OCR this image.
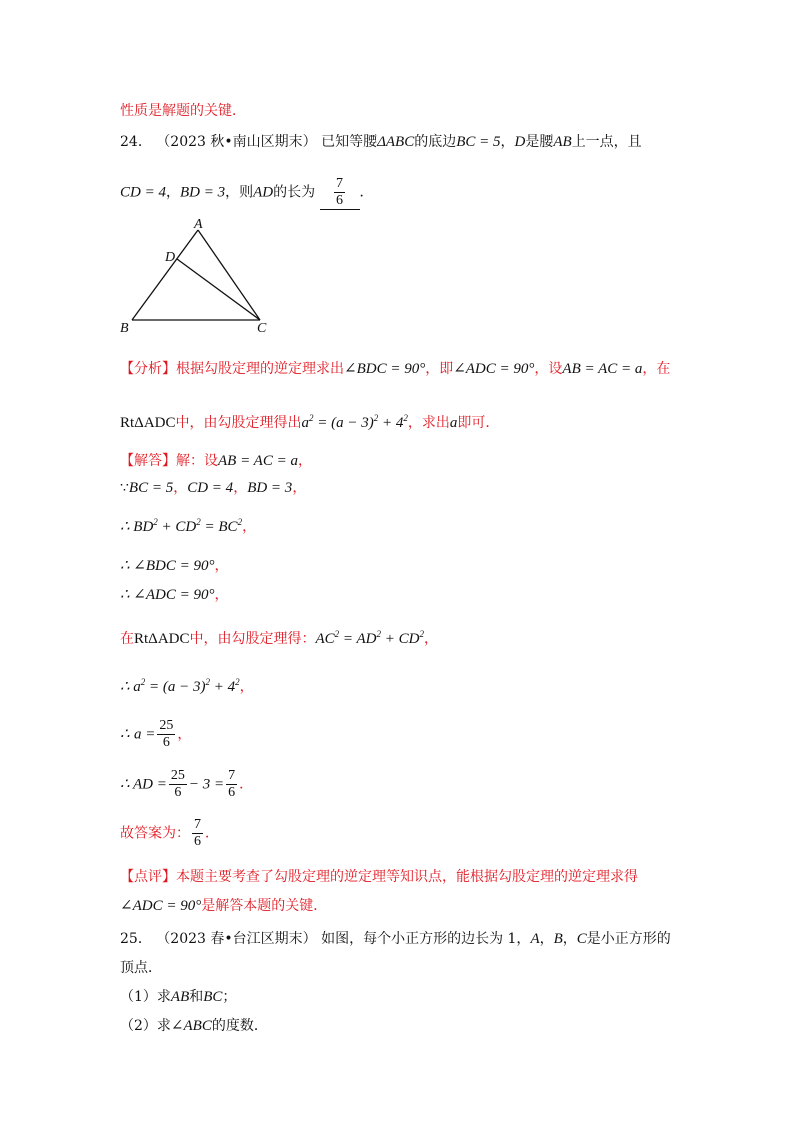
性质是解题的关键．
24． （2023 秋•南山区期末） 已知等腰ΔABC的底边BC = 5，D是腰AB上一点，且
CD = 4，BD = 3，则AD的长为 $\frac{7}{6}$ ．
A
D
B	C
【分析】根据勾股定理的逆定理求出∠BDC = 90°，即∠ADC = 90°，设AB = AC = a，在
RtΔADC中，由勾股定理得出$a^2 = (a - 3)^2 + 4^2$，求出a即可．
【解答】解：设AB = AC = a，
∵BC = 5，CD = 4，BD = 3，
∴ $BD^2 + CD^2 = BC^2$，
∴ ∠BDC = 90°，
∴ ∠ADC = 90°，
在RtΔADC中，由勾股定理得：$AC^2 = AD^2 + CD^2$，
∴ $a^2 = (a - 3)^2 + 4^2$，
∴ $a = \frac{25}{6}$ ，
∴ AD = $\frac{25}{6} - 3 = \frac{7}{6}$ ．
故答案为： $\frac{7}{6}$ ．
【点评】本题主要考查了勾股定理的逆定理等知识点，能根据勾股定理的逆定理求得
∠ADC = 90°是解答本题的关键．
25． （2023 春•台江区期末） 如图，每个小正方形的边长为 1，A，B，C是小正方形的
顶点．
（1）求AB和BC；
（2）求∠ABC的度数．
